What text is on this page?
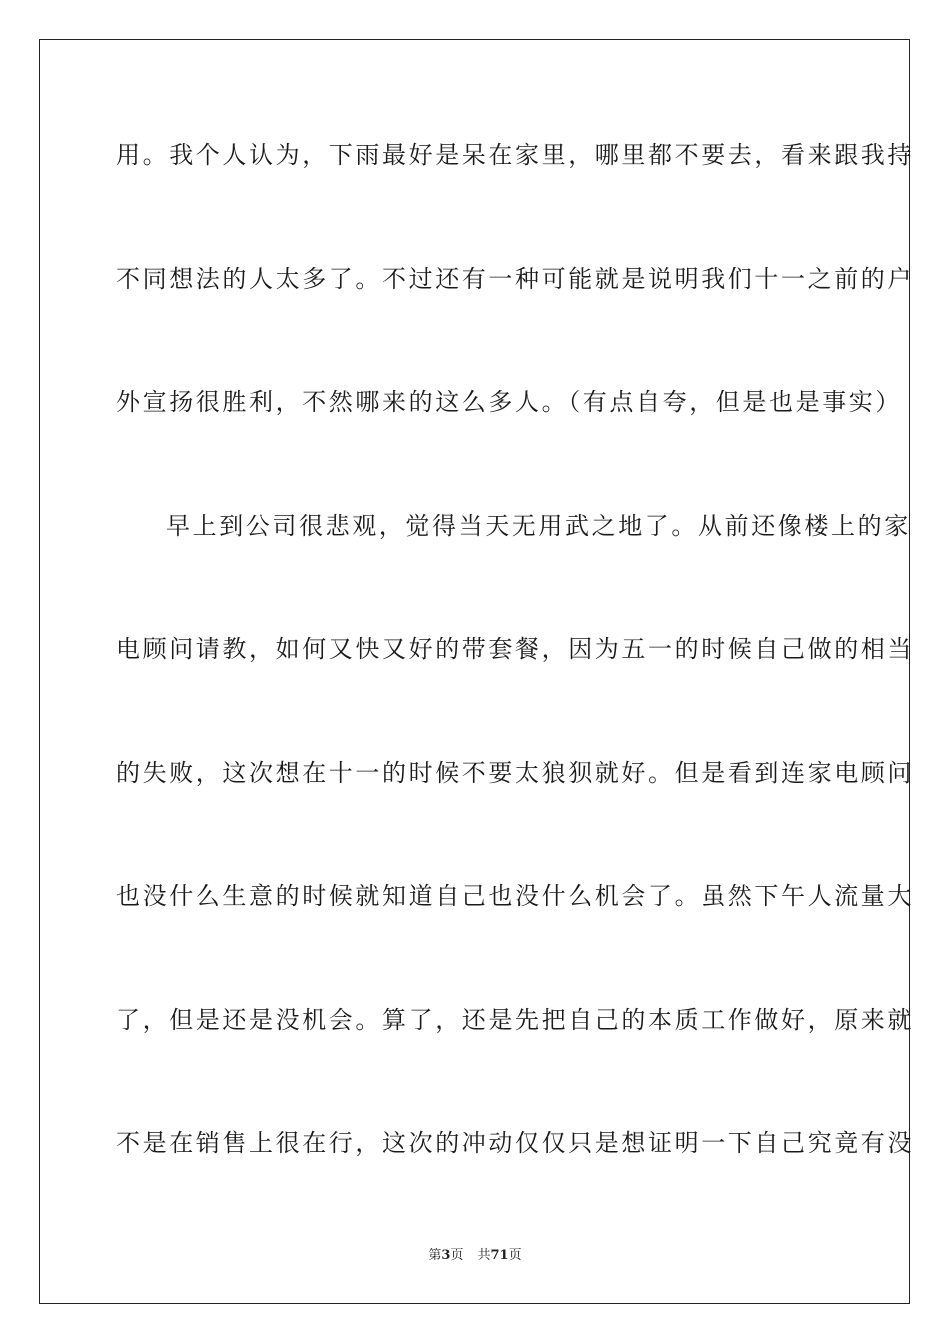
用。我个人认为，下雨最好是呆在家里，哪里都不要去，看来跟我持
不同想法的人太多了。不过还有一种可能就是说明我们十一之前的户
外宣扬很胜利，不然哪来的这么多人。（有点自夸，但是也是事实）
早上到公司很悲观，觉得当天无用武之地了。从前还像楼上的家
电顾问请教，如何又快又好的带套餐，因为五一的时候自己做的相当
的失败，这次想在十一的时候不要太狼狈就好。但是看到连家电顾问
也没什么生意的时候就知道自己也没什么机会了。虽然下午人流量大
了，但是还是没机会。算了，还是先把自己的本质工作做好，原来就
不是在销售上很在行，这次的冲动仅仅只是想证明一下自己究竟有没
第3页 共71页
